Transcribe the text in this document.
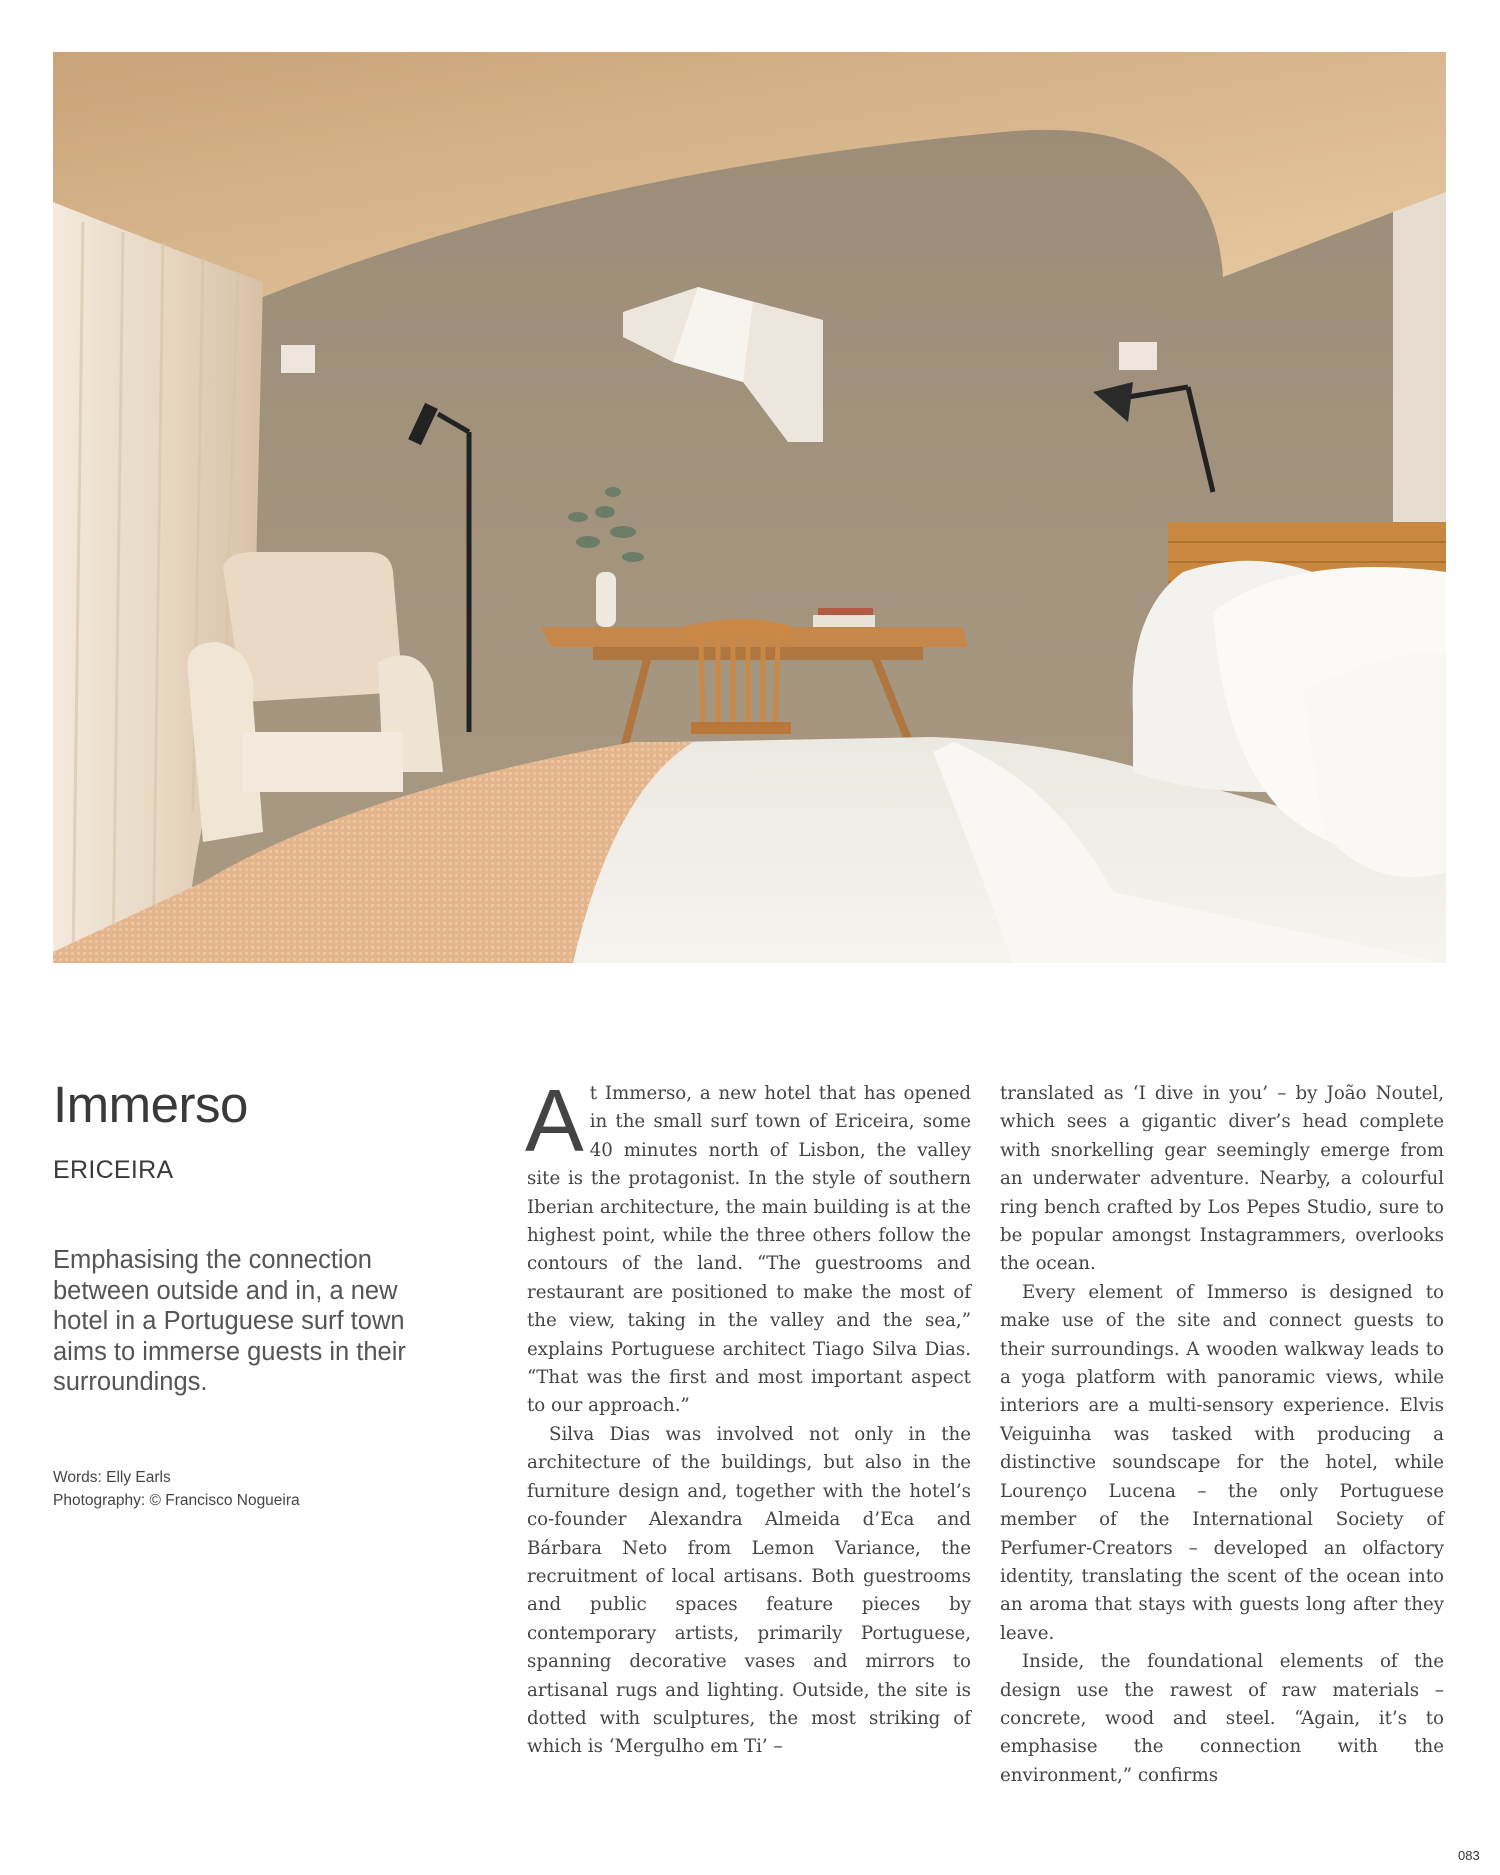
Immerso
ERICEIRA

Emphasising the connection between outside and in, a new hotel in a Portuguese surf town aims to immerse guests in their surroundings.

Words: Elly Earls

Photography: © Francisco Nogueira

At Immerso, a new hotel that has opened in the small surf town of Ericeira, some 40 minutes north of Lisbon, the valley site is the protagonist. In the style of southern Iberian architecture, the main building is at the highest point, while the three others follow the contours of the land. “The guestrooms and restaurant are positioned to make the most of the view, taking in the valley and the sea,” explains Portuguese architect Tiago Silva Dias. “That was the first and most important aspect to our approach.”

Silva Dias was involved not only in the architecture of the buildings, but also in the furniture design and, together with the hotel’s co-founder Alexandra Almeida d’Eca and Bárbara Neto from Lemon Variance, the recruitment of local artisans. Both guestrooms and public spaces feature pieces by contemporary artists, primarily Portuguese, spanning decorative vases and mirrors to artisanal rugs and lighting. Outside, the site is dotted with sculptures, the most striking of which is ‘Mergulho em Ti’ –

translated as ‘I dive in you’ – by João Noutel, which sees a gigantic diver’s head complete with snorkelling gear seemingly emerge from an underwater adventure. Nearby, a colourful ring bench crafted by Los Pepes Studio, sure to be popular amongst Instagrammers, overlooks the ocean.

Every element of Immerso is designed to make use of the site and connect guests to their surroundings. A wooden walkway leads to a yoga platform with panoramic views, while interiors are a multi-sensory experience. Elvis Veiguinha was tasked with producing a distinctive soundscape for the hotel, while Lourenço Lucena – the only Portuguese member of the International Society of Perfumer-Creators – developed an olfactory identity, translating the scent of the ocean into an aroma that stays with guests long after they leave.

Inside, the foundational elements of the design use the rawest of raw materials – concrete, wood and steel. “Again, it’s to emphasise the connection with the environment,” confirms

083
